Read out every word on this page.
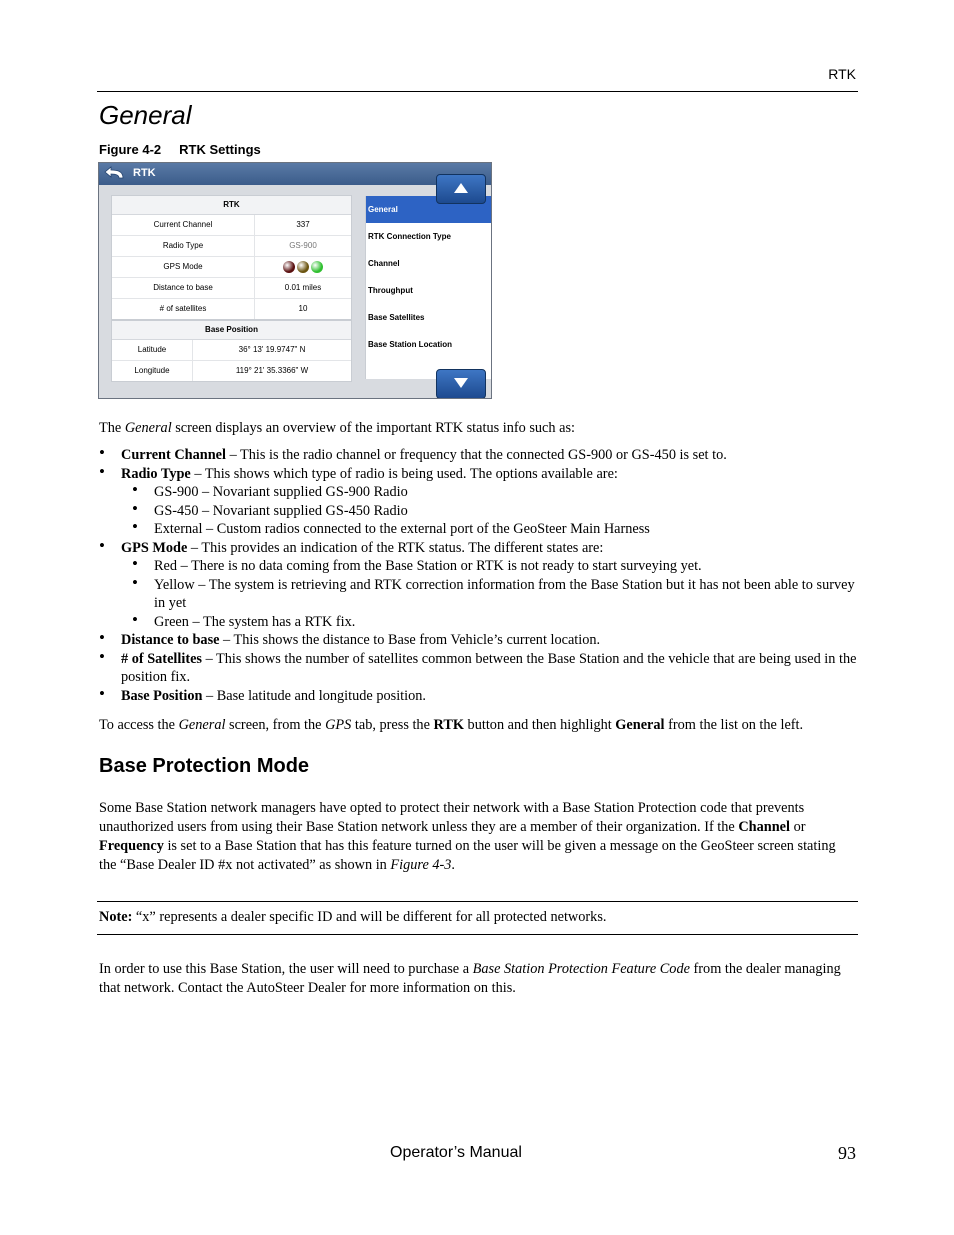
RTK
General
Figure 4-2 RTK Settings
RTK
RTK
Current Channel	337
Radio Type	GS-900
GPS Mode
Distance to base	0.01 miles
# of satellites	10
Base Position
Latitude	36° 13' 19.9747" N
Longitude	119° 21' 35.3366" W
General
RTK Connection Type
Channel
Throughput
Base Satellites
Base Station Location
The General screen displays an overview of the important RTK status info such as:
• Current Channel – This is the radio channel or frequency that the connected GS-900 or GS-450 is set to.
• Radio Type – This shows which type of radio is being used. The options available are:
• GS-900 – Novariant supplied GS-900 Radio
• GS-450 – Novariant supplied GS-450 Radio
• External – Custom radios connected to the external port of the GeoSteer Main Harness
• GPS Mode – This provides an indication of the RTK status. The different states are:
• Red – There is no data coming from the Base Station or RTK is not ready to start surveying yet.
• Yellow – The system is retrieving and RTK correction information from the Base Station but it has not been able to survey in yet
• Green – The system has a RTK fix.
• Distance to base – This shows the distance to Base from Vehicle’s current location.
• # of Satellites – This shows the number of satellites common between the Base Station and the vehicle that are being used in the position fix.
• Base Position – Base latitude and longitude position.
To access the General screen, from the GPS tab, press the RTK button and then highlight General from the list on the left.
Base Protection Mode
Some Base Station network managers have opted to protect their network with a Base Station Protection code that prevents unauthorized users from using their Base Station network unless they are a member of their organization. If the Channel or Frequency is set to a Base Station that has this feature turned on the user will be given a message on the GeoSteer screen stating the “Base Dealer ID #x not activated” as shown in Figure 4-3.
Note: “x” represents a dealer specific ID and will be different for all protected networks.
In order to use this Base Station, the user will need to purchase a Base Station Protection Feature Code from the dealer managing that network. Contact the AutoSteer Dealer for more information on this.
Operator’s Manual	93
